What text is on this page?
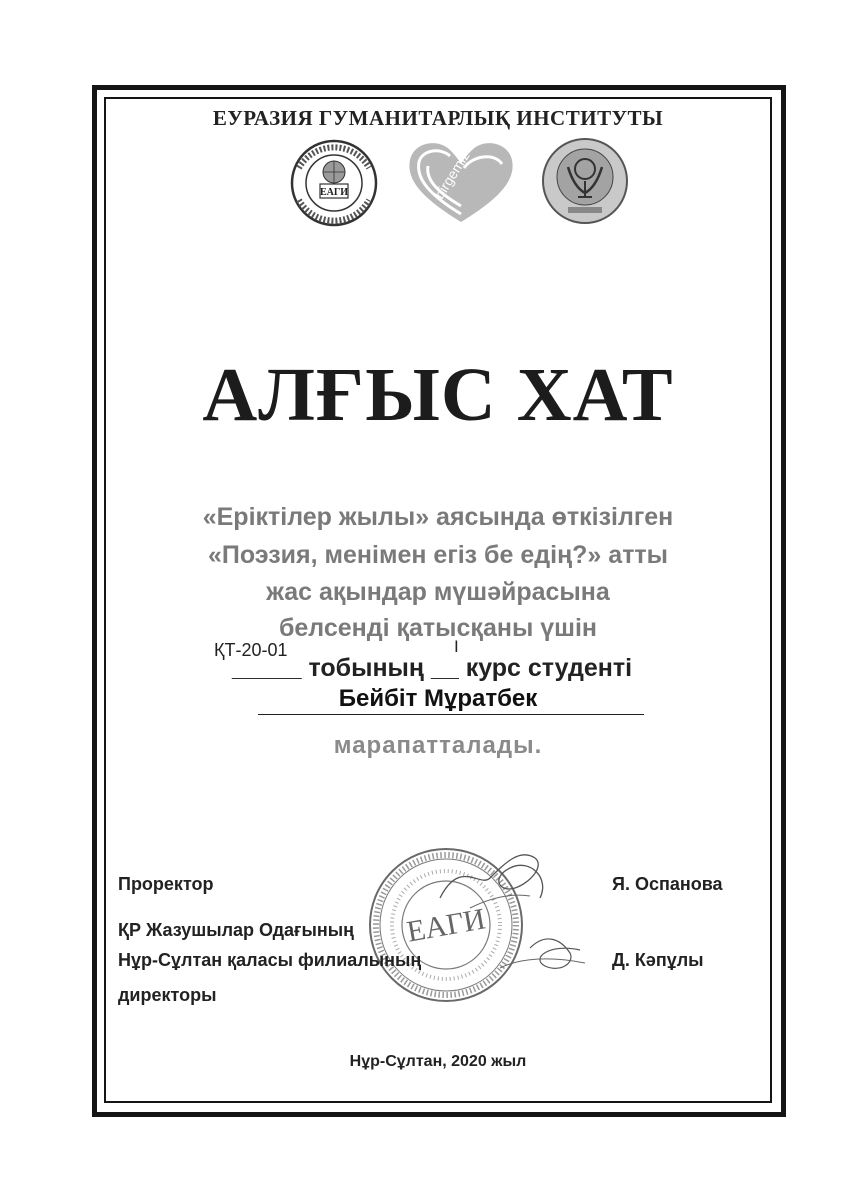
ЕУРАЗИЯ ГУМАНИТАРЛЫҚ ИНСТИТУТЫ
ЕАГИ	birgemiz
АЛҒЫС ХАТ
«Еріктілер жылы» аясында өткізілген
«Поэзия, менімен егіз бе едің?» атты
жас ақындар мүшәйрасына
белсенді қатысқаны үшін
ҚТ-20-01	I
_____ тобының __ курс студенті
Бейбіт Мұратбек
марапатталады.
ЕАГИ
Проректор	Я. Оспанова
ҚР Жазушылар Одағының
Нұр-Сұлтан қаласы филиалының	Д. Кәпұлы
директоры
Нұр-Сұлтан, 2020 жыл
